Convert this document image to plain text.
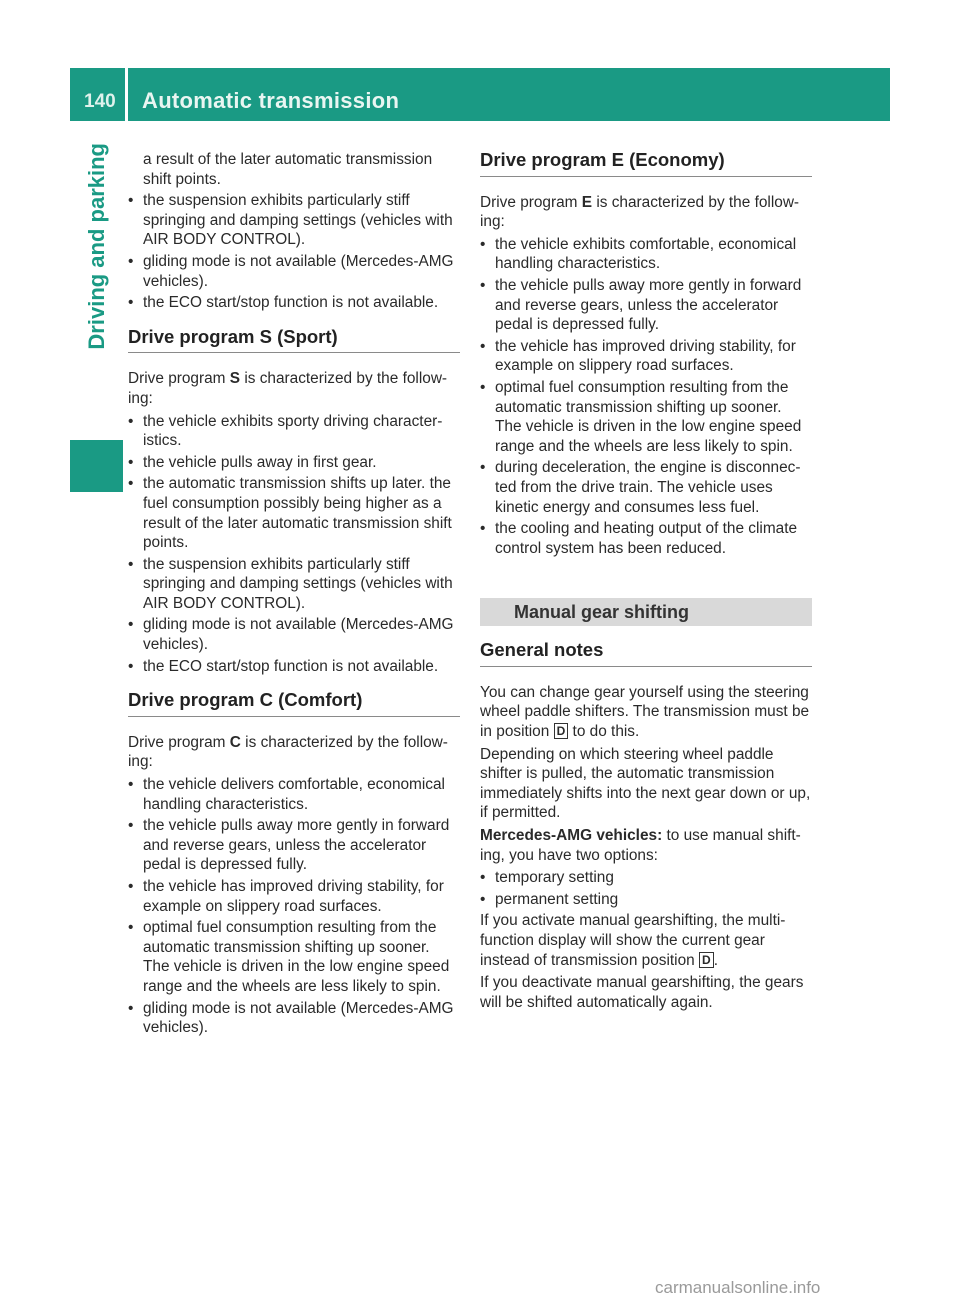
140 Automatic transmission
Driving and parking	a result of the later automatic transmission shift points.
• the suspension exhibits particularly stiff springing and damping settings (vehicles with AIR BODY CONTROL).
• gliding mode is not available (Mercedes-AMG vehicles).
• the ECO start/stop function is not available.
Drive program S (Sport)
Drive program S is characterized by the follow-ing:
• the vehicle exhibits sporty driving character-istics.
• the vehicle pulls away in first gear.
• the automatic transmission shifts up later. the fuel consumption possibly being higher as a result of the later automatic transmission shift points.
• the suspension exhibits particularly stiff springing and damping settings (vehicles with AIR BODY CONTROL).
• gliding mode is not available (Mercedes-AMG vehicles).
• the ECO start/stop function is not available.
Drive program C (Comfort)
Drive program C is characterized by the follow-ing:
• the vehicle delivers comfortable, economical handling characteristics.
• the vehicle pulls away more gently in forward and reverse gears, unless the accelerator pedal is depressed fully.
• the vehicle has improved driving stability, for example on slippery road surfaces.
• optimal fuel consumption resulting from the automatic transmission shifting up sooner. The vehicle is driven in the low engine speed range and the wheels are less likely to spin.
• gliding mode is not available (Mercedes-AMG vehicles).
Drive program E (Economy)
Drive program E is characterized by the follow-ing:
• the vehicle exhibits comfortable, economical handling characteristics.
• the vehicle pulls away more gently in forward and reverse gears, unless the accelerator pedal is depressed fully.
• the vehicle has improved driving stability, for example on slippery road surfaces.
• optimal fuel consumption resulting from the automatic transmission shifting up sooner. The vehicle is driven in the low engine speed range and the wheels are less likely to spin.
• during deceleration, the engine is disconnec-ted from the drive train. The vehicle uses kinetic energy and consumes less fuel.
• the cooling and heating output of the climate control system has been reduced.
Manual gear shifting
General notes
You can change gear yourself using the steering wheel paddle shifters. The transmission must be in position D to do this.
Depending on which steering wheel paddle shifter is pulled, the automatic transmission immediately shifts into the next gear down or up, if permitted.
Mercedes-AMG vehicles: to use manual shift-ing, you have two options:
• temporary setting
• permanent setting
If you activate manual gearshifting, the multi-function display will show the current gear instead of transmission position D .
If you deactivate manual gearshifting, the gears will be shifted automatically again.
carmanualsonline.info
